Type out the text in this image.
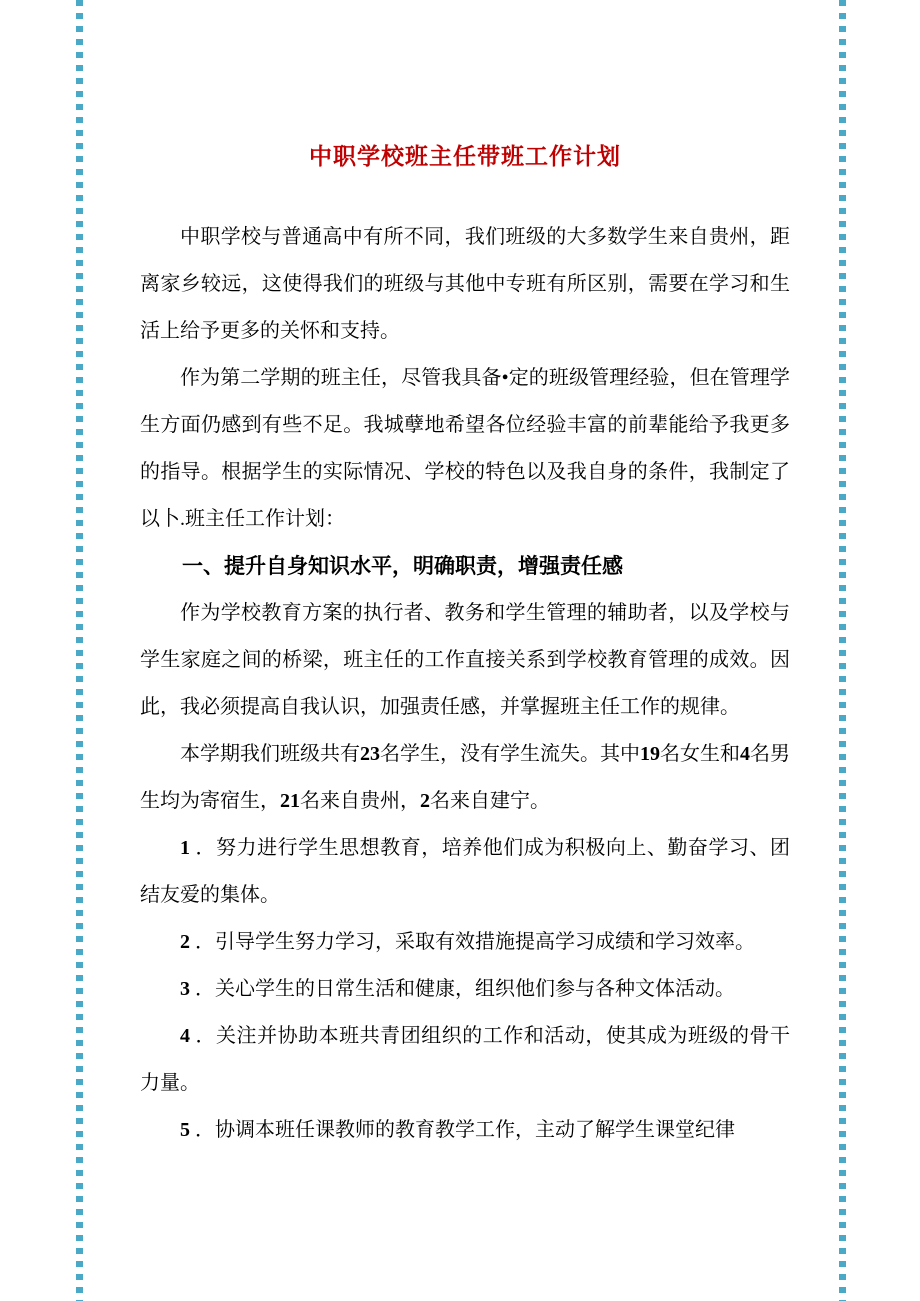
中职学校班主任带班工作计划

中职学校与普通高中有所不同，我们班级的大多数学生来自贵州，距离家乡较远，这使得我们的班级与其他中专班有所区别，需要在学习和生活上给予更多的关怀和支持。

作为第二学期的班主任，尽管我具备•定的班级管理经验，但在管理学生方面仍感到有些不足。我城孽地希望各位经验丰富的前辈能给予我更多的指导。根据学生的实际情况、学校的特色以及我自身的条件，我制定了以卜.班主任工作计划：

一、提升自身知识水平，明确职责，增强责任感

作为学校教育方案的执行者、教务和学生管理的辅助者，以及学校与学生家庭之间的桥梁，班主任的工作直接关系到学校教育管理的成效。因此，我必须提高自我认识，加强责任感，并掌握班主任工作的规律。

本学期我们班级共有23名学生，没有学生流失。其中19名女生和4名男生均为寄宿生，21名来自贵州，2名来自建宁。

1 ．努力进行学生思想教育，培养他们成为积极向上、勤奋学习、团结友爱的集体。

2 ．引导学生努力学习，采取有效措施提高学习成绩和学习效率。

3 ．关心学生的日常生活和健康，组织他们参与各种文体活动。

4 ．关注并协助本班共青团组织的工作和活动，使其成为班级的骨干力量。

5 ．协调本班任课教师的教育教学工作，主动了解学生课堂纪律
